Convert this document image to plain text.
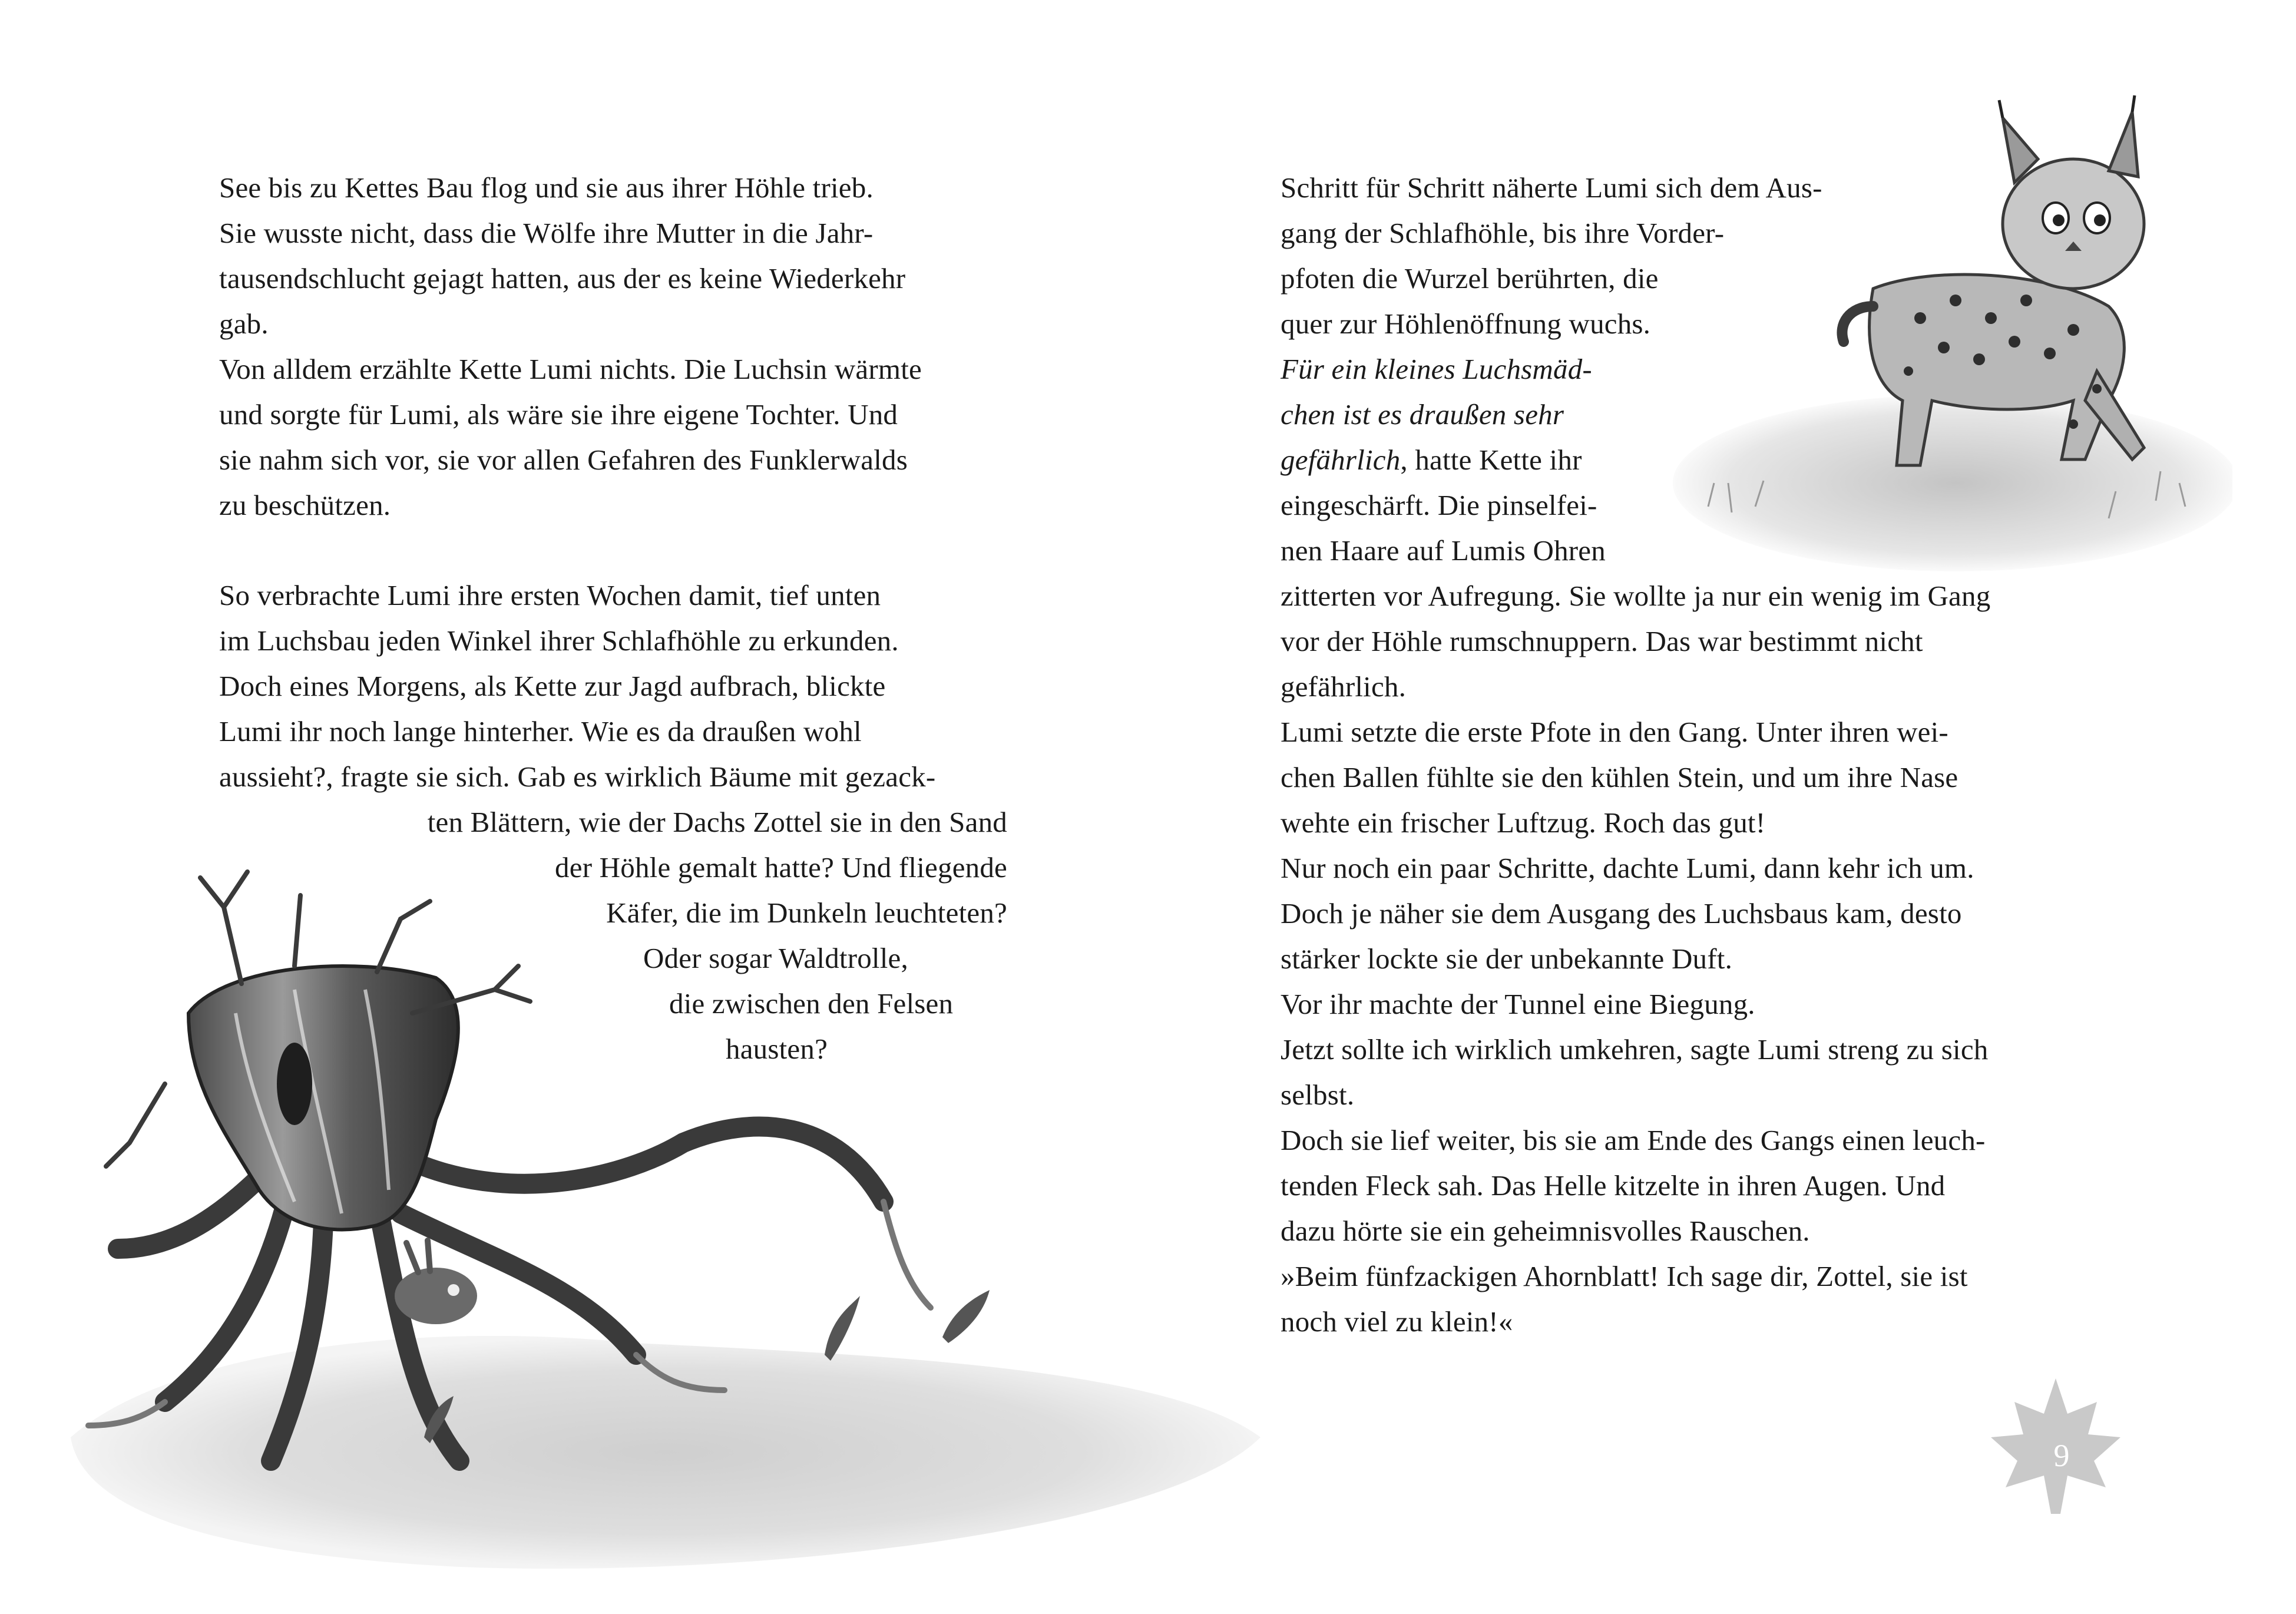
See bis zu Kettes Bau flog und sie aus ihrer Höhle trieb.
Sie wusste nicht, dass die Wölfe ihre Mutter in die Jahr-
tausendschlucht gejagt hatten, aus der es keine Wiederkehr
gab.
Von alldem erzählte Kette Lumi nichts. Die Luchsin wärmte
und sorgte für Lumi, als wäre sie ihre eigene Tochter. Und
sie nahm sich vor, sie vor allen Gefahren des Funklerwalds
zu beschützen.
So verbrachte Lumi ihre ersten Wochen damit, tief unten
im Luchsbau jeden Winkel ihrer Schlafhöhle zu erkunden.
Doch eines Morgens, als Kette zur Jagd aufbrach, blickte
Lumi ihr noch lange hinterher. Wie es da draußen wohl
aussieht?, fragte sie sich. Gab es wirklich Bäume mit gezack-
ten Blättern, wie der Dachs Zottel sie in den Sand
der Höhle gemalt hatte? Und fliegende
Käfer, die im Dunkeln leuchteten?
Oder sogar Waldtrolle,
die zwischen den Felsen
hausten?
Schritt für Schritt näherte Lumi sich dem Aus-
gang der Schlafhöhle, bis ihre Vorder-
pfoten die Wurzel berührten, die
quer zur Höhlenöffnung wuchs.
Für ein kleines Luchsmäd-
chen ist es draußen sehr
gefährlich, hatte Kette ihr
eingeschärft. Die pinselfei-
nen Haare auf Lumis Ohren
zitterten vor Aufregung. Sie wollte ja nur ein wenig im Gang
vor der Höhle rumschnuppern. Das war bestimmt nicht
gefährlich.
Lumi setzte die erste Pfote in den Gang. Unter ihren wei-
chen Ballen fühlte sie den kühlen Stein, und um ihre Nase
wehte ein frischer Luftzug. Roch das gut!
Nur noch ein paar Schritte, dachte Lumi, dann kehr ich um.
Doch je näher sie dem Ausgang des Luchsbaus kam, desto
stärker lockte sie der unbekannte Duft.
Vor ihr machte der Tunnel eine Biegung.
Jetzt sollte ich wirklich umkehren, sagte Lumi streng zu sich
selbst.
Doch sie lief weiter, bis sie am Ende des Gangs einen leuch-
tenden Fleck sah. Das Helle kitzelte in ihren Augen. Und
dazu hörte sie ein geheimnisvolles Rauschen.
»Beim fünfzackigen Ahornblatt! Ich sage dir, Zottel, sie ist
noch viel zu klein!«
9
